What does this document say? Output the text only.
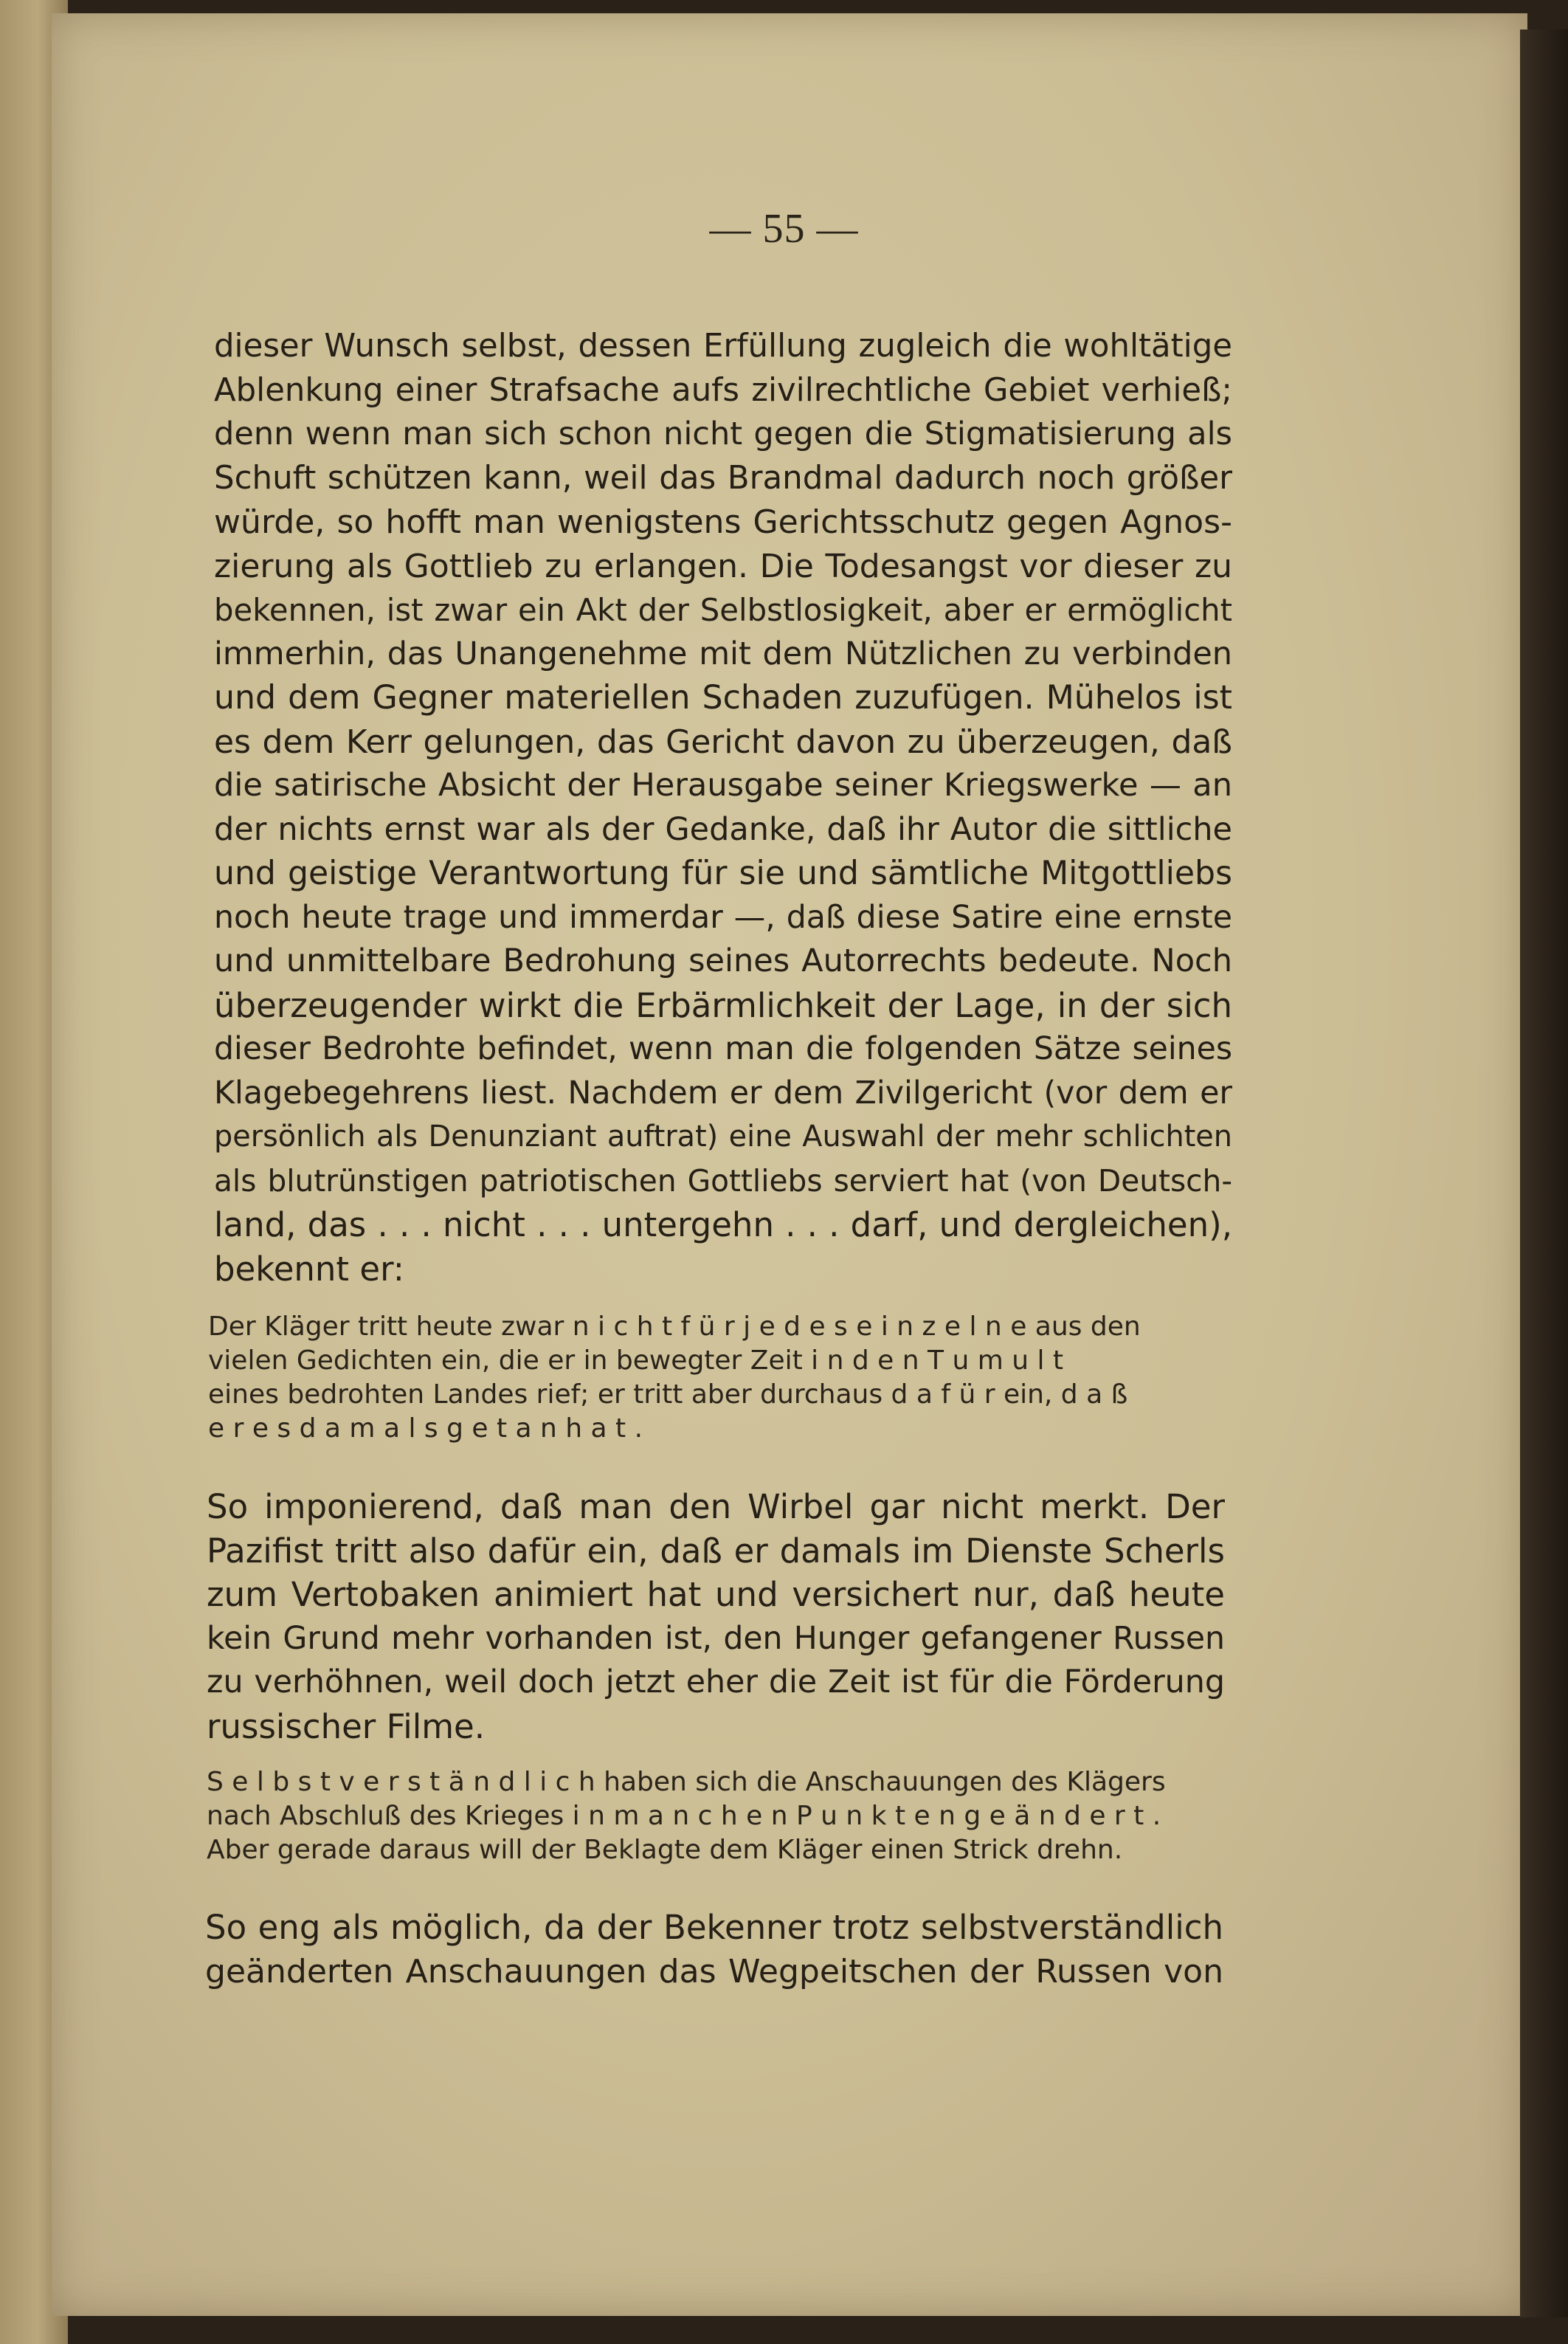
— 55 —

dieser Wunsch selbst, dessen Erfüllung zugleich die wohltätige
Ablenkung einer Strafsache aufs zivilrechtliche Gebiet verhieß;
denn wenn man sich schon nicht gegen die Stigmatisierung als
Schuft schützen kann, weil das Brandmal dadurch noch größer
würde, so hofft man wenigstens Gerichtsschutz gegen Agnos-
zierung als Gottlieb zu erlangen. Die Todesangst vor dieser zu
bekennen, ist zwar ein Akt der Selbstlosigkeit, aber er ermöglicht
immerhin, das Unangenehme mit dem Nützlichen zu verbinden
und dem Gegner materiellen Schaden zuzufügen. Mühelos ist
es dem Kerr gelungen, das Gericht davon zu überzeugen, daß
die satirische Absicht der Herausgabe seiner Kriegswerke — an
der nichts ernst war als der Gedanke, daß ihr Autor die sittliche
und geistige Verantwortung für sie und sämtliche Mitgottliebs
noch heute trage und immerdar —, daß diese Satire eine ernste
und unmittelbare Bedrohung seines Autorrechts bedeute. Noch
überzeugender wirkt die Erbärmlichkeit der Lage, in der sich
dieser Bedrohte befindet, wenn man die folgenden Sätze seines
Klagebegehrens liest. Nachdem er dem Zivilgericht (vor dem er
persönlich als Denunziant auftrat) eine Auswahl der mehr schlichten
als blutrünstigen patriotischen Gottliebs serviert hat (von Deutsch-
land, das . . . nicht . . . untergehn . . . darf, und dergleichen),
bekennt er:

Der Kläger tritt heute zwar n i c h t f ü r j e d e s e i n z e l n e aus den
vielen Gedichten ein, die er in bewegter Zeit i n d e n T u m u l t
eines bedrohten Landes rief; er tritt aber durchaus d a f ü r ein, d a ß
e r e s d a m a l s g e t a n h a t .

So imponierend, daß man den Wirbel gar nicht merkt. Der
Pazifist tritt also dafür ein, daß er damals im Dienste Scherls
zum Vertobaken animiert hat und versichert nur, daß heute
kein Grund mehr vorhanden ist, den Hunger gefangener Russen
zu verhöhnen, weil doch jetzt eher die Zeit ist für die Förderung
russischer Filme.

S e l b s t v e r s t ä n d l i c h haben sich die Anschauungen des Klägers
nach Abschluß des Krieges i n m a n c h e n P u n k t e n g e ä n d e r t .
Aber gerade daraus will der Beklagte dem Kläger einen Strick drehn.

So eng als möglich, da der Bekenner trotz selbstverständlich
geänderten Anschauungen das Wegpeitschen der Russen von
